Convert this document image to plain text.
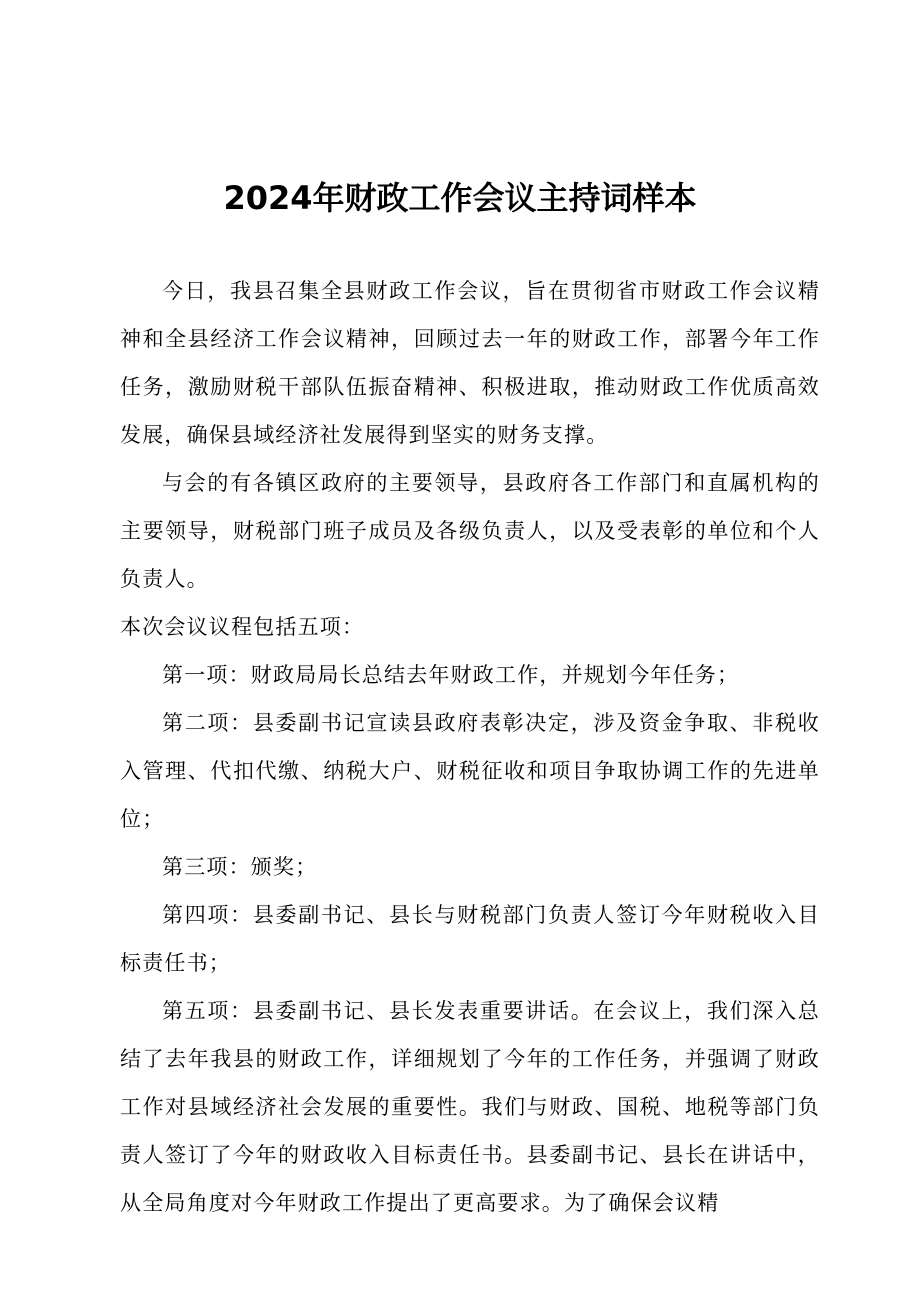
2024年财政工作会议主持词样本

今日，我县召集全县财政工作会议，旨在贯彻省市财政工作会议精神和全县经济工作会议精神，回顾过去一年的财政工作，部署今年工作任务，激励财税干部队伍振奋精神、积极进取，推动财政工作优质高效发展，确保县域经济社发展得到坚实的财务支撑。

与会的有各镇区政府的主要领导，县政府各工作部门和直属机构的主要领导，财税部门班子成员及各级负责人，以及受表彰的单位和个人负责人。

本次会议议程包括五项：

第一项：财政局局长总结去年财政工作，并规划今年任务；

第二项：县委副书记宣读县政府表彰决定，涉及资金争取、非税收入管理、代扣代缴、纳税大户、财税征收和项目争取协调工作的先进单位；

第三项：颁奖；

第四项：县委副书记、县长与财税部门负责人签订今年财税收入目标责任书；

第五项：县委副书记、县长发表重要讲话。在会议上，我们深入总结了去年我县的财政工作，详细规划了今年的工作任务，并强调了财政工作对县域经济社会发展的重要性。我们与财政、国税、地税等部门负责人签订了今年的财政收入目标责任书。县委副书记、县长在讲话中，从全局角度对今年财政工作提出了更高要求。为了确保会议精
